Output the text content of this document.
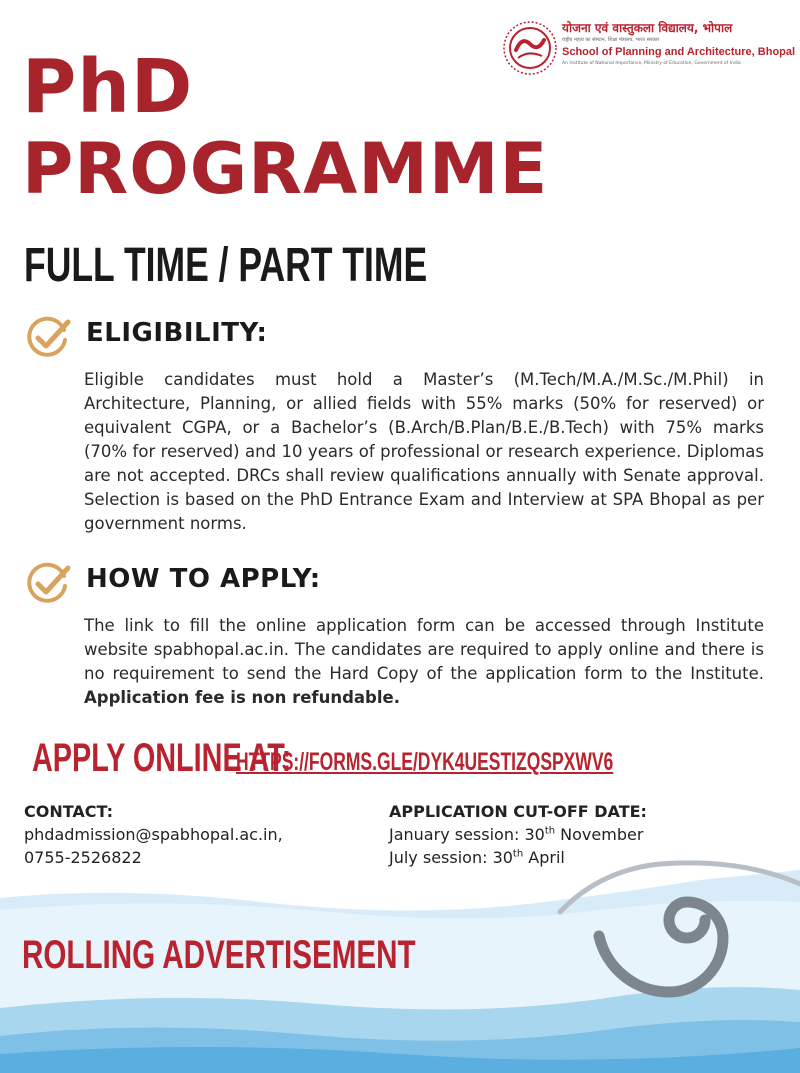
योजना एवं वास्तुकला विद्यालय, भोपाल
राष्ट्रीय महत्व का संस्थान, शिक्षा मंत्रालय, भारत सरकार
School of Planning and Architecture, Bhopal
An Institute of National Importance, Ministry of Education, Government of India
PhD
PROGRAMME
FULL TIME / PART TIME
ELIGIBILITY:
Eligible candidates must hold a Master’s (M.Tech/M.A./M.Sc./M.Phil) in Architecture, Planning, or allied fields with 55% marks (50% for reserved) or equivalent CGPA, or a Bachelor’s (B.Arch/B.Plan/B.E./B.Tech) with 75% marks (70% for reserved) and 10 years of professional or research experience. Diplomas are not accepted. DRCs shall review qualifications annually with Senate approval. Selection is based on the PhD Entrance Exam and Interview at SPA Bhopal as per government norms.
HOW TO APPLY:
The link to fill the online application form can be accessed through Institute website spabhopal.ac.in. The candidates are required to apply online and there is no requirement to send the Hard Copy of the application form to the Institute. Application fee is non refundable.
APPLY ONLINE AT:
HTTPS://FORMS.GLE/DYK4UESTIZQSPXWV6
CONTACT:
phdadmission@spabhopal.ac.in,
0755-2526822
APPLICATION CUT-OFF DATE:
January session: 30th November
July session: 30th April
ROLLING ADVERTISEMENT
